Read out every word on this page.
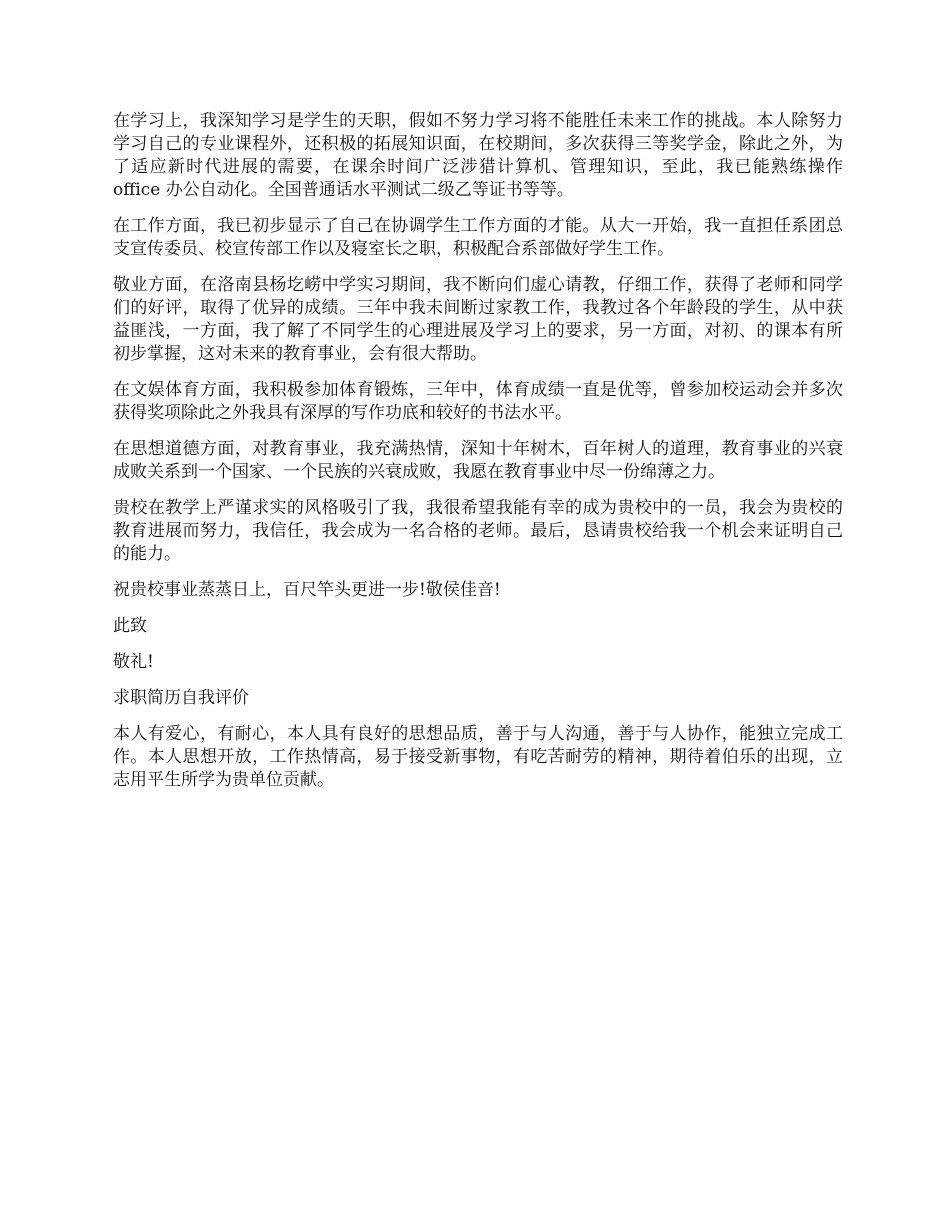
在学习上，我深知学习是学生的天职，假如不努力学习将不能胜任未来工作的挑战。本人除努力学习自己的专业课程外，还积极的拓展知识面，在校期间，多次获得三等奖学金，除此之外，为了适应新时代进展的需要，在课余时间广泛涉猎计算机、管理知识，至此，我已能熟练操作 office 办公自动化。全国普通话水平测试二级乙等证书等等。

在工作方面，我已初步显示了自己在协调学生工作方面的才能。从大一开始，我一直担任系团总支宣传委员、校宣传部工作以及寝室长之职，积极配合系部做好学生工作。

敬业方面，在洛南县杨圪崂中学实习期间，我不断向们虚心请教，仔细工作，获得了老师和同学们的好评，取得了优异的成绩。三年中我未间断过家教工作，我教过各个年龄段的学生，从中获益匪浅，一方面，我了解了不同学生的心理进展及学习上的要求，另一方面，对初、的课本有所初步掌握，这对未来的教育事业，会有很大帮助。

在文娱体育方面，我积极参加体育锻炼，三年中，体育成绩一直是优等，曾参加校运动会并多次获得奖项除此之外我具有深厚的写作功底和较好的书法水平。

在思想道德方面，对教育事业，我充满热情，深知十年树木，百年树人的道理，教育事业的兴衰成败关系到一个国家、一个民族的兴衰成败，我愿在教育事业中尽一份绵薄之力。

贵校在教学上严谨求实的风格吸引了我，我很希望我能有幸的成为贵校中的一员，我会为贵校的教育进展而努力，我信任，我会成为一名合格的老师。最后，恳请贵校给我一个机会来证明自己的能力。

祝贵校事业蒸蒸日上，百尺竿头更进一步!敬侯佳音!

此致

敬礼!

求职简历自我评价

本人有爱心，有耐心，本人具有良好的思想品质，善于与人沟通，善于与人协作，能独立完成工作。本人思想开放，工作热情高，易于接受新事物，有吃苦耐劳的精神，期待着伯乐的出现，立志用平生所学为贵单位贡献。
